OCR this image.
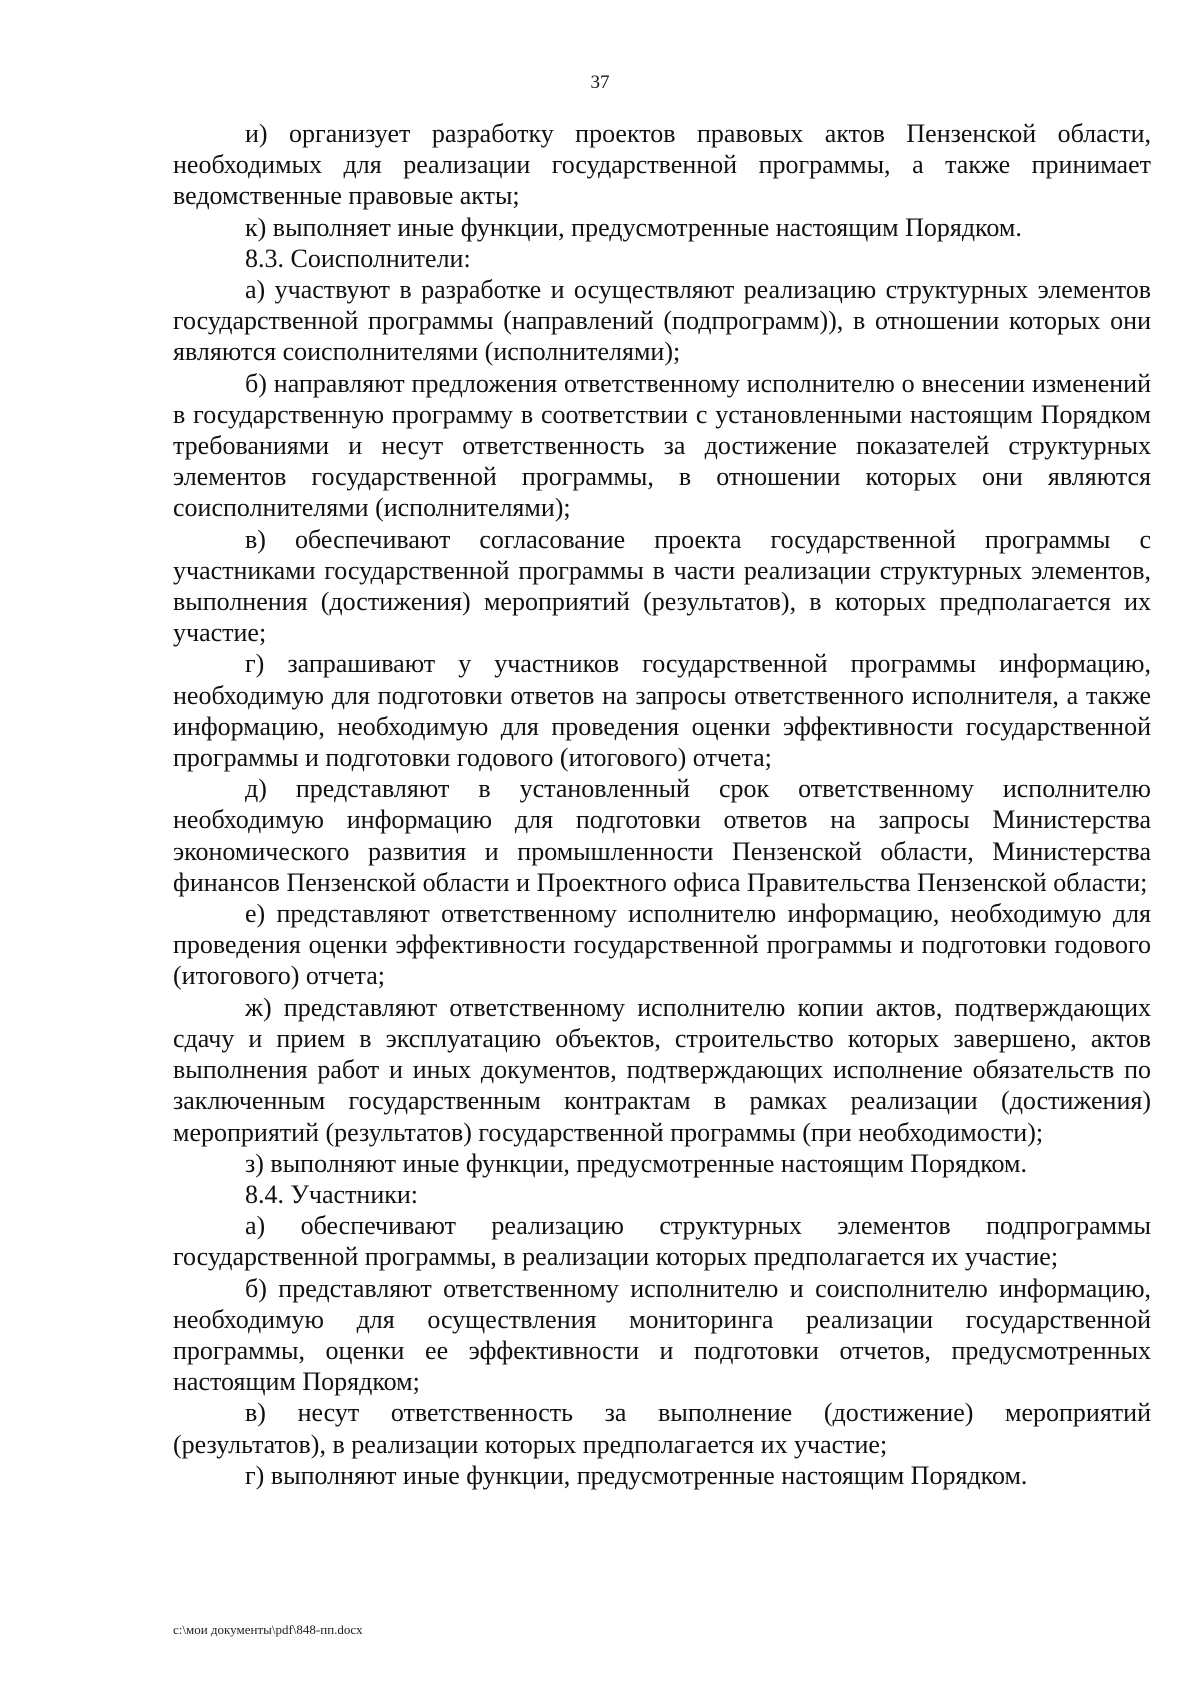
37

и) организует разработку проектов правовых актов Пензенской области, необходимых для реализации государственной программы, а также принимает ведомственные правовые акты;

к) выполняет иные функции, предусмотренные настоящим Порядком.

8.3. Соисполнители:

а) участвуют в разработке и осуществляют реализацию структурных элементов государственной программы (направлений (подпрограмм)), в отношении которых они являются соисполнителями (исполнителями);

б) направляют предложения ответственному исполнителю о внесении изменений в государственную программу в соответствии с установленными настоящим Порядком требованиями и несут ответственность за достижение показателей структурных элементов государственной программы, в отношении которых они являются соисполнителями (исполнителями);

в) обеспечивают согласование проекта государственной программы с участниками государственной программы в части реализации структурных элементов, выполнения (достижения) мероприятий (результатов), в которых предполагается их участие;

г) запрашивают у участников государственной программы информацию, необходимую для подготовки ответов на запросы ответственного исполнителя, а также информацию, необходимую для проведения оценки эффективности государственной программы и подготовки годового (итогового) отчета;

д) представляют в установленный срок ответственному исполнителю необходимую информацию для подготовки ответов на запросы Министерства экономического развития и промышленности Пензенской области, Министерства финансов Пензенской области и Проектного офиса Правительства Пензенской области;

е) представляют ответственному исполнителю информацию, необходимую для проведения оценки эффективности государственной программы и подготовки годового (итогового) отчета;

ж) представляют ответственному исполнителю копии актов, подтверждающих сдачу и прием в эксплуатацию объектов, строительство которых завершено, актов выполнения работ и иных документов, подтверждающих исполнение обязательств по заключенным государственным контрактам в рамках реализации (достижения) мероприятий (результатов) государственной программы (при необходимости);

з) выполняют иные функции, предусмотренные настоящим Порядком.

8.4. Участники:

а) обеспечивают реализацию структурных элементов подпрограммы государственной программы, в реализации которых предполагается их участие;

б) представляют ответственному исполнителю и соисполнителю информацию, необходимую для осуществления мониторинга реализации государственной программы, оценки ее эффективности и подготовки отчетов, предусмотренных настоящим Порядком;

в) несут ответственность за выполнение (достижение) мероприятий (результатов), в реализации которых предполагается их участие;

г) выполняют иные функции, предусмотренные настоящим Порядком.

c:\мои документы\pdf\848-пп.docx
